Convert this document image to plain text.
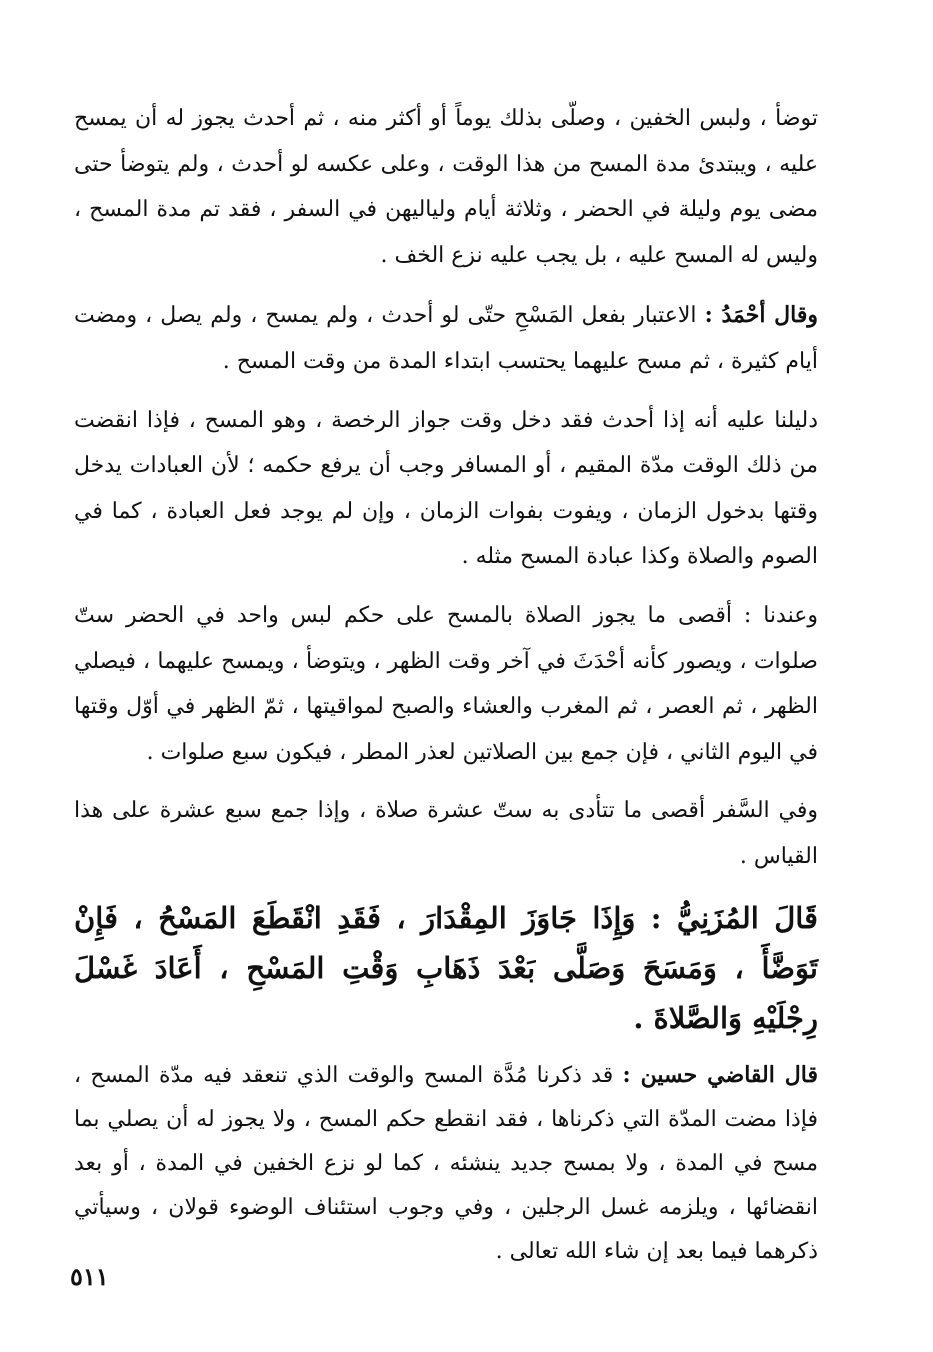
توضأ ، ولبس الخفين ، وصلّى بذلك يوماً أو أكثر منه ، ثم أحدث يجوز له أن يمسح عليه ، ويبتدئ مدة المسح من هذا الوقت ، وعلى عكسه لو أحدث ، ولم يتوضأ حتى مضى يوم وليلة في الحضر ، وثلاثة أيام ولياليهن في السفر ، فقد تم مدة المسح ، وليس له المسح عليه ، بل يجب عليه نزع الخف .

وقال أحْمَدُ : الاعتبار بفعل المَسْحِ حتّى لو أحدث ، ولم يمسح ، ولم يصل ، ومضت أيام كثيرة ، ثم مسح عليهما يحتسب ابتداء المدة من وقت المسح .

دليلنا عليه أنه إذا أحدث فقد دخل وقت جواز الرخصة ، وهو المسح ، فإذا انقضت من ذلك الوقت مدّة المقيم ، أو المسافر وجب أن يرفع حكمه ؛ لأن العبادات يدخل وقتها بدخول الزمان ، ويفوت بفوات الزمان ، وإن لم يوجد فعل العبادة ، كما في الصوم والصلاة وكذا عبادة المسح مثله .

وعندنا : أقصى ما يجوز الصلاة بالمسح على حكم لبس واحد في الحضر ستّ صلوات ، ويصور كأنه أحْدَثَ في آخر وقت الظهر ، ويتوضأ ، ويمسح عليهما ، فيصلي الظهر ، ثم العصر ، ثم المغرب والعشاء والصبح لمواقيتها ، ثمّ الظهر في أوّل وقتها في اليوم الثاني ، فإن جمع بين الصلاتين لعذر المطر ، فيكون سبع صلوات .

وفي السَّفر أقصى ما تتأدى به ستّ عشرة صلاة ، وإذا جمع سبع عشرة على هذا القياس .

قَالَ المُزَنِيُّ : وَإِذَا جَاوَزَ المِقْدَارَ ، فَقَدِ انْقَطَعَ المَسْحُ ، فَإِنْ تَوَضَّأَ ، وَمَسَحَ وَصَلَّى بَعْدَ ذَهَابِ وَقْتِ المَسْحِ ، أَعَادَ غَسْلَ رِجْلَيْهِ وَالصَّلاةَ .

قال القاضي حسين : قد ذكرنا مُدَّة المسح والوقت الذي تنعقد فيه مدّة المسح ، فإذا مضت المدّة التي ذكرناها ، فقد انقطع حكم المسح ، ولا يجوز له أن يصلي بما مسح في المدة ، ولا بمسح جديد ينشئه ، كما لو نزع الخفين في المدة ، أو بعد انقضائها ، ويلزمه غسل الرجلين ، وفي وجوب استئناف الوضوء قولان ، وسيأتي ذكرهما فيما بعد إن شاء الله تعالى .

٥١١
